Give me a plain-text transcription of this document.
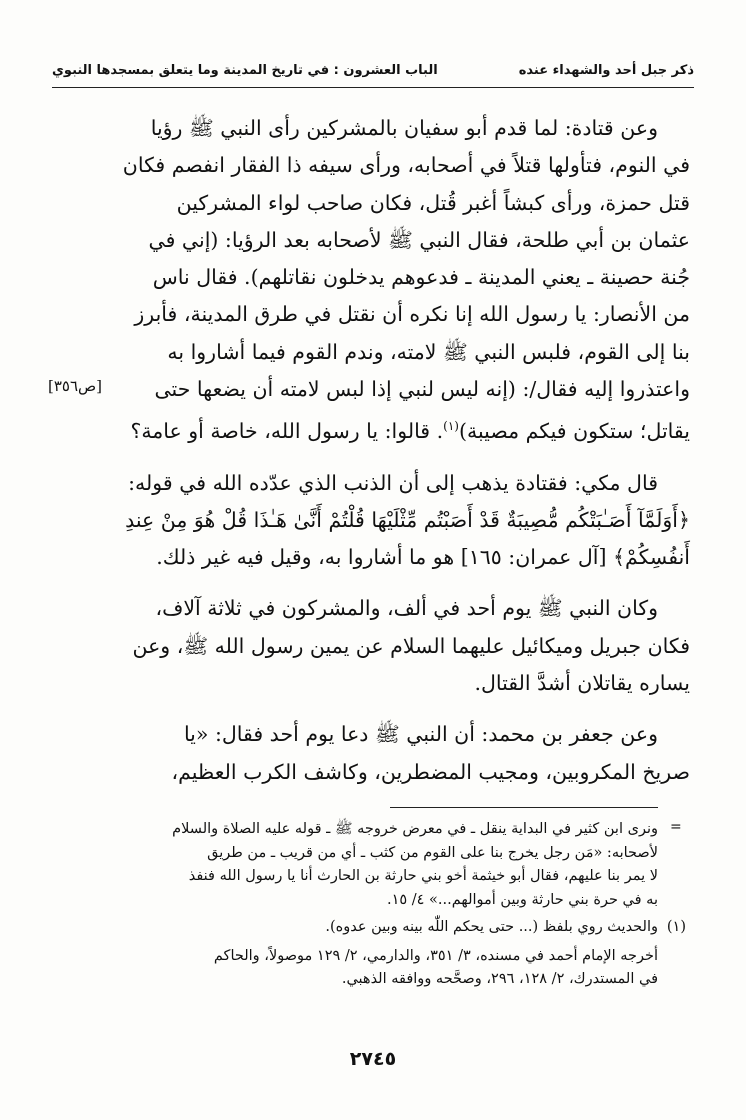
ذكر جبل أحد والشهداء عنده
الباب العشرون : في تاريخ المدينة وما يتعلق بمسجدها النبوي
[ص٣٥٦]

وعن قتادة: لما قدم أبو سفيان بالمشركين رأى النبي ﷺ رؤيا

في النوم، فتأولها قتلاً في أصحابه، ورأى سيفه ذا الفقار انفصم فكان

قتل حمزة، ورأى كبشاً أغبر قُتل، فكان صاحب لواء المشركين

عثمان بن أبي طلحة، فقال النبي ﷺ لأصحابه بعد الرؤيا: (إني في

جُنة حصينة ـ يعني المدينة ـ فدعوهم يدخلون نقاتلهم). فقال ناس

من الأنصار: يا رسول الله إنا نكره أن نقتل في طرق المدينة، فأبرز

بنا إلى القوم، فلبس النبي ﷺ لامته، وندم القوم فيما أشاروا به

واعتذروا إليه فقال/: (إنه ليس لنبي إذا لبس لامته أن يضعها حتى

يقاتل؛ ستكون فيكم مصيبة)$^{(١)}$. قالوا: يا رسول الله، خاصة أو عامة؟

قال مكي: فقتادة يذهب إلى أن الذنب الذي عدّده الله في قوله:

﴿أَوَلَمَّآ أَصَـٰبَتْكُم مُّصِيبَةٌ قَدْ أَصَبْتُم مِّثْلَيْهَا قُلْتُمْ أَنَّىٰ هَـٰذَا قُلْ هُوَ مِنْ عِندِ

أَنفُسِكُمْ﴾ [آل عمران: ١٦٥] هو ما أشاروا به، وقيل فيه غير ذلك.

وكان النبي ﷺ يوم أحد في ألف، والمشركون في ثلاثة آلاف،

فكان جبريل وميكائيل عليهما السلام عن يمين رسول الله ﷺ، وعن

يساره يقاتلان أشدَّ القتال.

وعن جعفر بن محمد: أن النبي ﷺ دعا يوم أحد فقال: «يا

صريخ المكروبين، ومجيب المضطرين، وكاشف الكرب العظيم،

=

ونرى ابن كثير في البداية ينقل ـ في معرض خروجه ﷺ ـ قوله عليه الصلاة والسلام

لأصحابه: «مَن رجل يخرج بنا على القوم من كثب ـ أي من قريب ـ من طريق

لا يمر بنا عليهم، فقال أبو خيثمة أخو بني حارثة بن الحارث أنا يا رسول الله فنفذ

به في حرة بني حارثة وبين أموالهم...» ٤/ ١٥.

(١)
والحديث روي بلفظ (... حتى يحكم اللّٰه بينه وبين عدوه).

أخرجه الإمام أحمد في مسنده، ٣/ ٣٥١، والدارمي، ٢/ ١٢٩ موصولاً، والحاكم

في المستدرك، ٢/ ١٢٨، ٢٩٦، وصحَّحه ووافقه الذهبي.

٢٧٤٥
